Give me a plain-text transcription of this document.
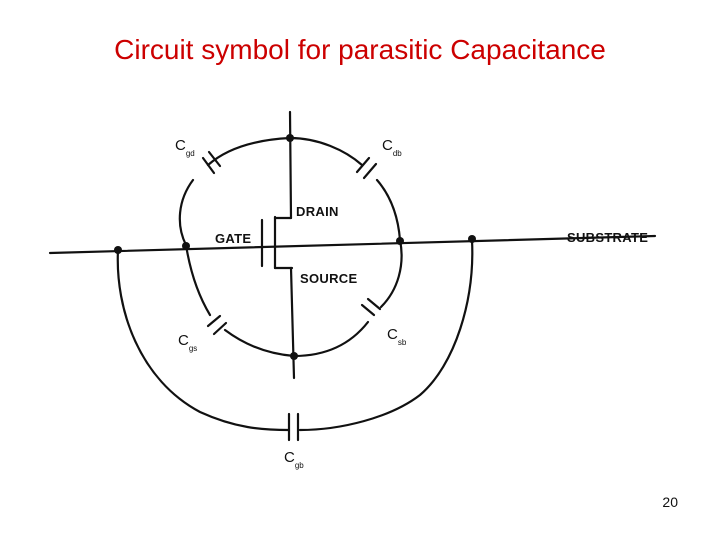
Circuit symbol for parasitic Capacitance
DRAIN
GATE
SOURCE
SUBSTRATE
$C_{gd}$	$C_{db}$
$C_{gs}$
$C_{sb}$
$C_{gb}$
20
